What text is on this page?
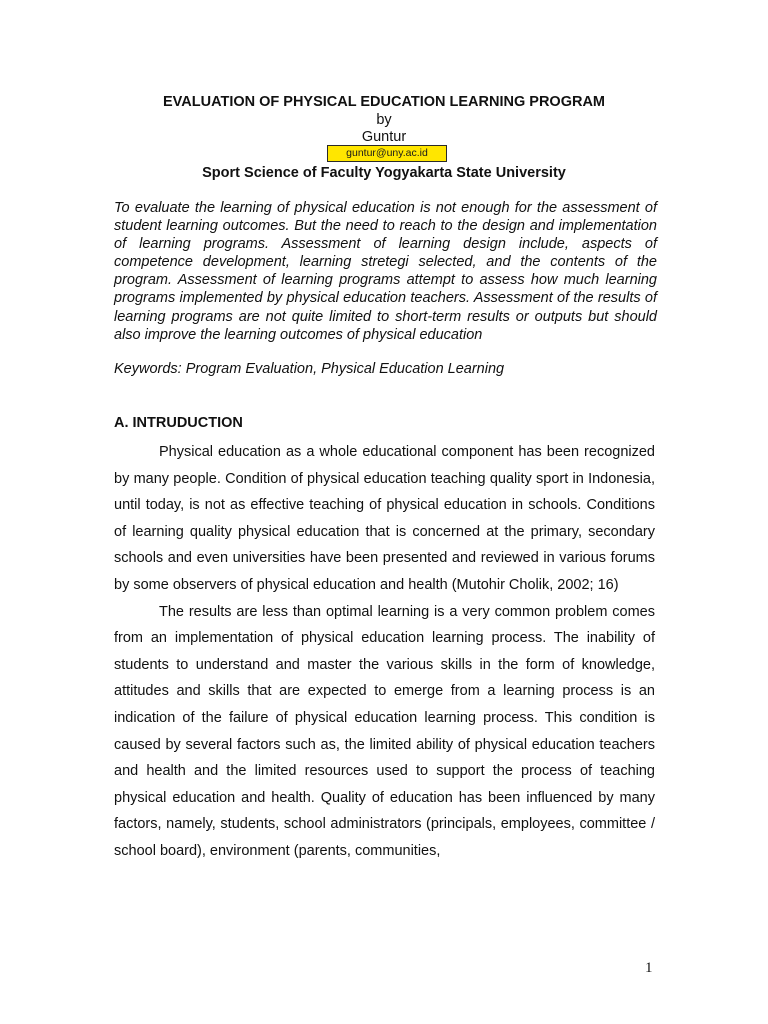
EVALUATION OF PHYSICAL EDUCATION LEARNING PROGRAM
by
Guntur
guntur@uny.ac.id
Sport Science of Faculty Yogyakarta State University

To evaluate the learning of physical education is not enough for the assessment of student learning outcomes. But the need to reach to the design and implementation of learning programs. Assessment of learning design include, aspects of competence development, learning stretegi selected, and the contents of the program. Assessment of learning programs attempt to assess how much learning programs implemented by physical education teachers. Assessment of the results of learning programs are not quite limited to short-term results or outputs but should also improve the learning outcomes of physical education

Keywords: Program Evaluation, Physical Education Learning

A. INTRUDUCTION

Physical education as a whole educational component has been recognized by many people. Condition of physical education teaching quality sport in Indonesia, until today, is not as effective teaching of physical education in schools. Conditions of learning quality physical education that is concerned at the primary, secondary schools and even universities have been presented and reviewed in various forums by some observers of physical education and health (Mutohir Cholik, 2002; 16)

The results are less than optimal learning is a very common problem comes from an implementation of physical education learning process. The inability of students to understand and master the various skills in the form of knowledge, attitudes and skills that are expected to emerge from a learning process is an indication of the failure of physical education learning process. This condition is caused by several factors such as, the limited ability of physical education teachers and health and the limited resources used to support the process of teaching physical education and health. Quality of education has been influenced by many factors, namely, students, school administrators (principals, employees, committee / school board), environment (parents, communities,

1
